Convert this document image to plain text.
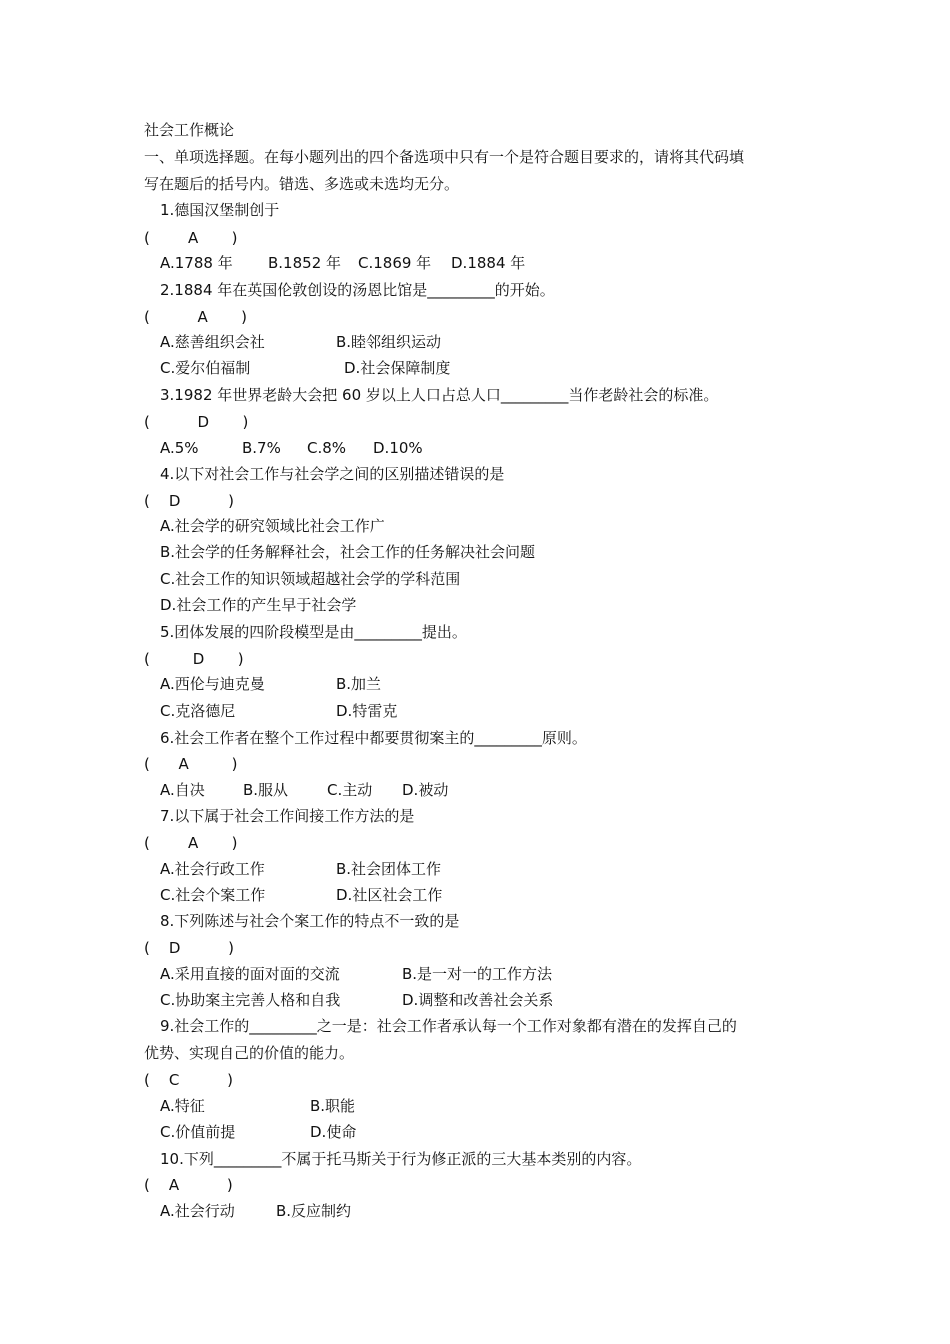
社会工作概论
一、单项选择题。在每小题列出的四个备选项中只有一个是符合题目要求的，请将其代码填
写在题后的括号内。错选、多选或未选均无分。
1.德国汉堡制创于
(        A       )
A.1788 年 B.1852 年 C.1869 年 D.1884 年
2.1884 年在英国伦敦创设的汤恩比馆是_________的开始。
(          A       )
A.慈善组织会社	B.睦邻组织运动
C.爱尔伯福制	D.社会保障制度
3.1982 年世界老龄大会把 60 岁以上人口占总人口_________当作老龄社会的标准。
(          D       )
A.5%	B.7% C.8% D.10%
4.以下对社会工作与社会学之间的区别描述错误的是
(    D          )
A.社会学的研究领域比社会工作广
B.社会学的任务解释社会，社会工作的任务解决社会问题
C.社会工作的知识领域超越社会学的学科范围
D.社会工作的产生早于社会学
5.团体发展的四阶段模型是由_________提出。
(         D       )
A.西伦与迪克曼	B.加兰
C.克洛德尼	D.特雷克
6.社会工作者在整个工作过程中都要贯彻案主的_________原则。
(      A         )
A.自决	B.服从	C.主动 D.被动
7.以下属于社会工作间接工作方法的是
(        A       )
A.社会行政工作	B.社会团体工作
C.社会个案工作	D.社区社会工作
8.下列陈述与社会个案工作的特点不一致的是
(    D          )
A.采用直接的面对面的交流	B.是一对一的工作方法
C.协助案主完善人格和自我	D.调整和改善社会关系
9.社会工作的_________之一是：社会工作者承认每一个工作对象都有潜在的发挥自己的
优势、实现自己的价值的能力。
(    C          )
A.特征	B.职能
C.价值前提	D.使命
10.下列_________不属于托马斯关于行为修正派的三大基本类别的内容。
(    A          )
A.社会行动	B.反应制约
